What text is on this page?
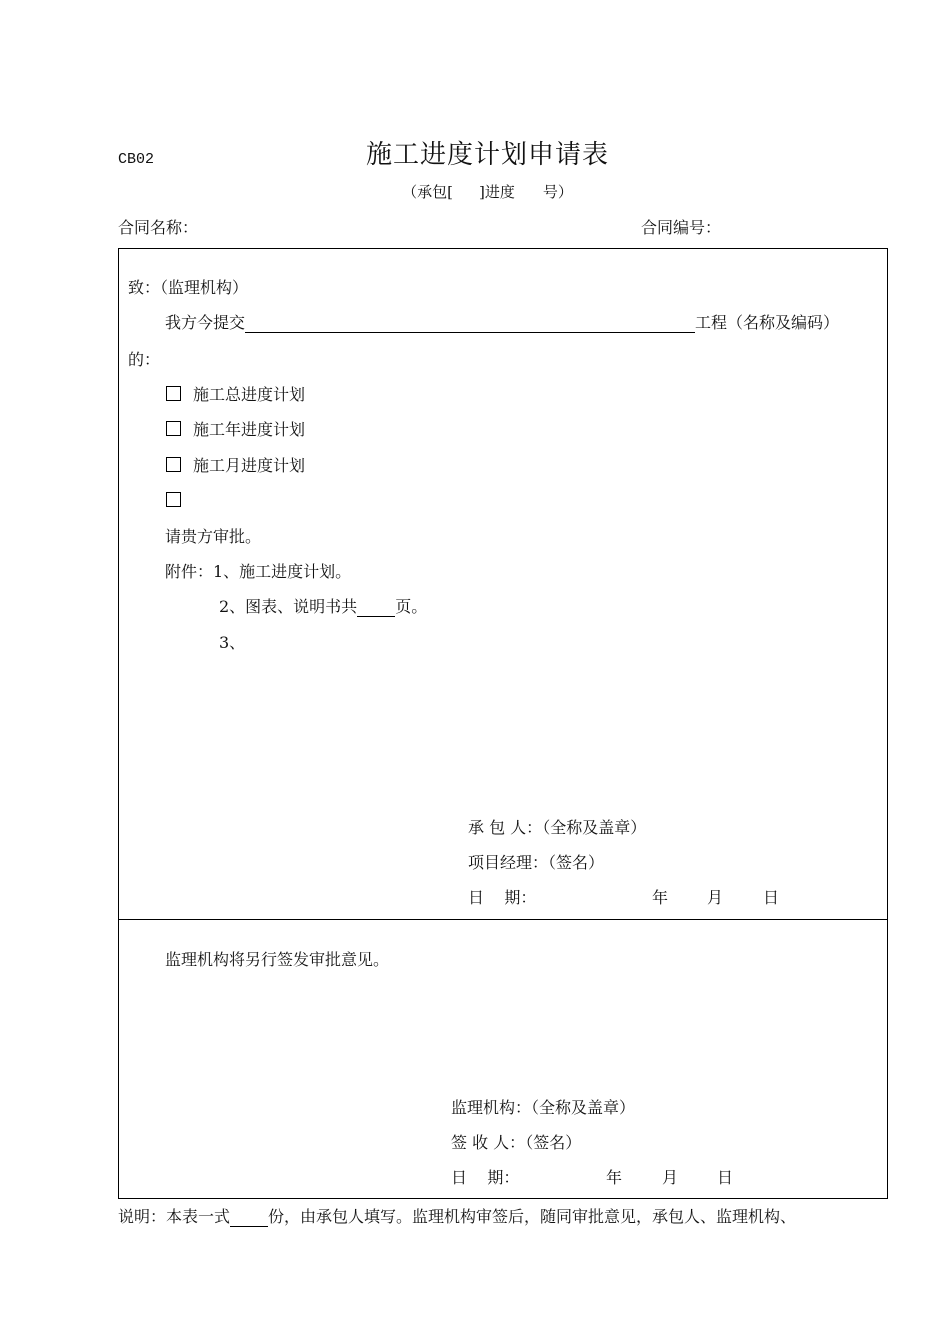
CB02	施工进度计划申请表
（承包[ ]进度 号）
合同名称：	合同编号：
致：（监理机构）
我方今提交	工程（名称及编码）
的：
施工总进度计划
施工年进度计划
施工月进度计划
请贵方审批。
附件：1、施工进度计划。
2、图表、说明书共 页。
3、
承 包 人：（全称及盖章）
项目经理：（签名）
日    期：	年 月 日
监理机构将另行签发审批意见。
监理机构：（全称及盖章）
签 收 人：（签名）
日    期：	年 月 日
说明：本表一式 份，由承包人填写。监理机构审签后，随同审批意见，承包人、监理机构、
